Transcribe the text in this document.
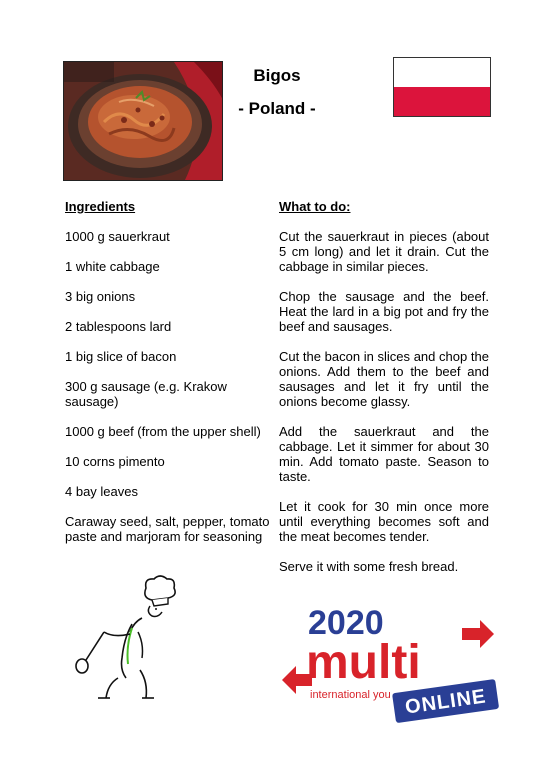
Bigos
- Poland -
Ingredients
1000 g sauerkraut
1 white cabbage
3 big onions
2 tablespoons lard
1 big slice of bacon
300 g sausage (e.g. Krakow sausage)
1000 g beef (from the upper shell)
10 corns pimento
4 bay leaves
Caraway seed, salt, pepper, tomato paste and marjoram for seasoning
What to do:
Cut the sauerkraut in pieces (about 5 cm long) and let it drain. Cut the cabbage in similar pieces.
Chop the sausage and the beef. Heat the lard in a big pot and fry the beef and sausages.
Cut the bacon in slices and chop the onions. Add them to the beef and sausages and let it fry until the onions become glassy.
Add the sauerkraut and the cabbage. Let it simmer for about 30 min. Add tomato paste. Season to taste.
Let it cook for 30 min once more until everything becomes soft and the meat becomes tender.
Serve it with some fresh bread.
2020
multi
international you ONLINE
